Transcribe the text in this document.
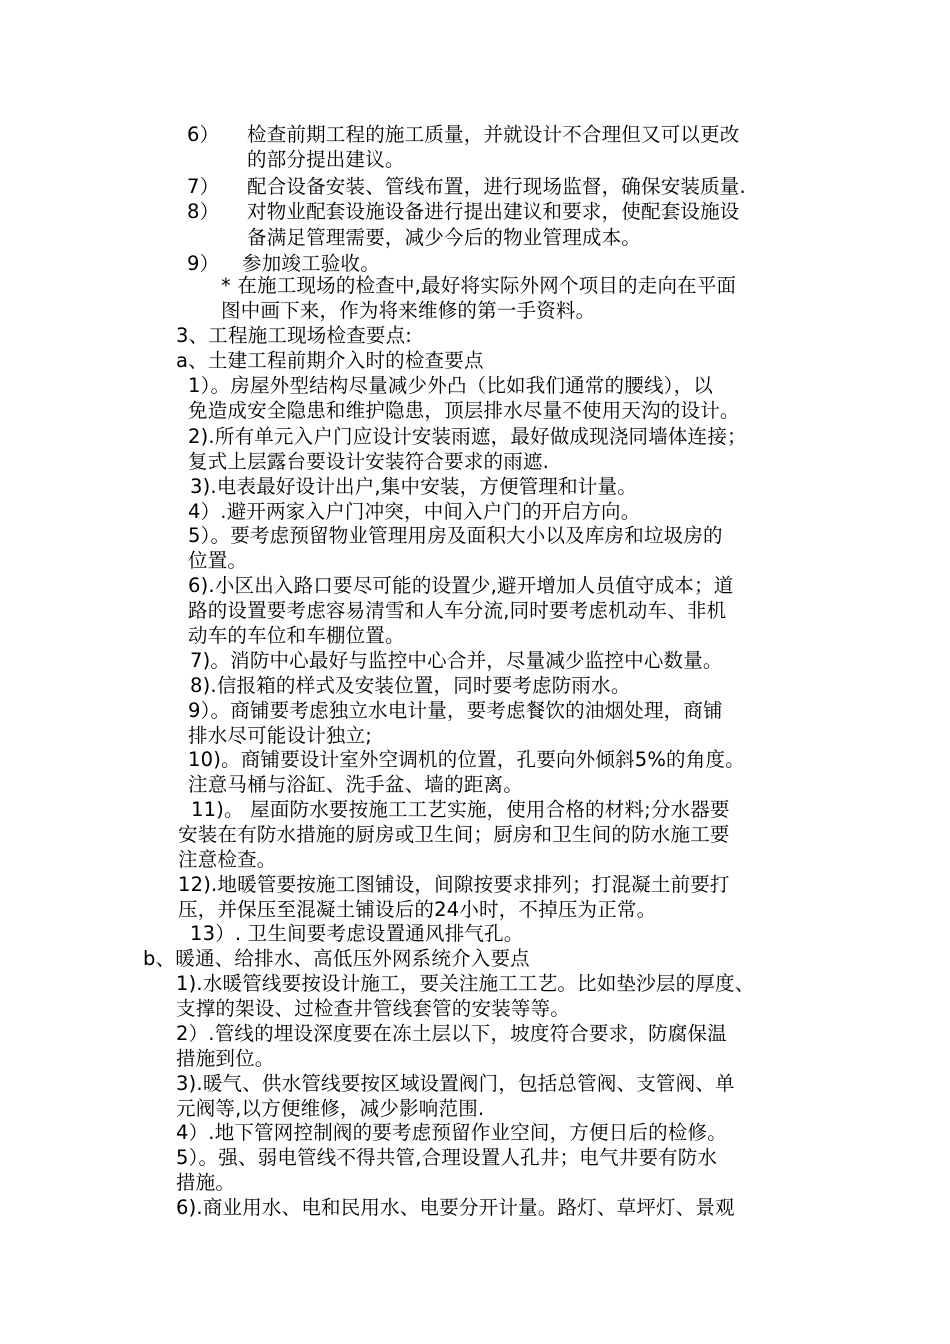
6） 检查前期工程的施工质量，并就设计不合理但又可以更改
的部分提出建议。
7） 配合设备安装、管线布置，进行现场监督，确保安装质量.
8） 对物业配套设施设备进行提出建议和要求，使配套设施设
备满足管理需要，减少今后的物业管理成本。
9） 参加竣工验收。
* 在施工现场的检查中,最好将实际外网个项目的走向在平面
图中画下来，作为将来维修的第一手资料。
3、工程施工现场检查要点:
a、土建工程前期介入时的检查要点
1）。房屋外型结构尽量减少外凸（比如我们通常的腰线），以
免造成安全隐患和维护隐患，顶层排水尽量不使用天沟的设计。
2).所有单元入户门应设计安装雨遮，最好做成现浇同墙体连接；
复式上层露台要设计安装符合要求的雨遮.
3).电表最好设计出户,集中安装，方便管理和计量。
4）.避开两家入户门冲突，中间入户门的开启方向。
5）。要考虑预留物业管理用房及面积大小以及库房和垃圾房的
位置。
6).小区出入路口要尽可能的设置少,避开增加人员值守成本；道
路的设置要考虑容易清雪和人车分流,同时要考虑机动车、非机
动车的车位和车棚位置。
7)。消防中心最好与监控中心合并，尽量减少监控中心数量。
8).信报箱的样式及安装位置，同时要考虑防雨水。
9）。商铺要考虑独立水电计量，要考虑餐饮的油烟处理，商铺
排水尽可能设计独立;
10)。商铺要设计室外空调机的位置，孔要向外倾斜5%的角度。
注意马桶与浴缸、洗手盆、墙的距离。
11)。 屋面防水要按施工工艺实施，使用合格的材料;分水器要
安装在有防水措施的厨房或卫生间；厨房和卫生间的防水施工要
注意检查。
12).地暖管要按施工图铺设，间隙按要求排列；打混凝土前要打
压，并保压至混凝土铺设后的24小时，不掉压为正常。
13）. 卫生间要考虑设置通风排气孔。
b、暖通、给排水、高低压外网系统介入要点
1).水暖管线要按设计施工，要关注施工工艺。比如垫沙层的厚度、
支撑的架设、过检查井管线套管的安装等等。
2）.管线的埋设深度要在冻土层以下，坡度符合要求，防腐保温
措施到位。
3).暖气、供水管线要按区域设置阀门，包括总管阀、支管阀、单
元阀等,以方便维修，减少影响范围.
4）.地下管网控制阀的要考虑预留作业空间，方便日后的检修。
5）。强、弱电管线不得共管,合理设置人孔井；电气井要有防水
措施。
6).商业用水、电和民用水、电要分开计量。路灯、草坪灯、景观
